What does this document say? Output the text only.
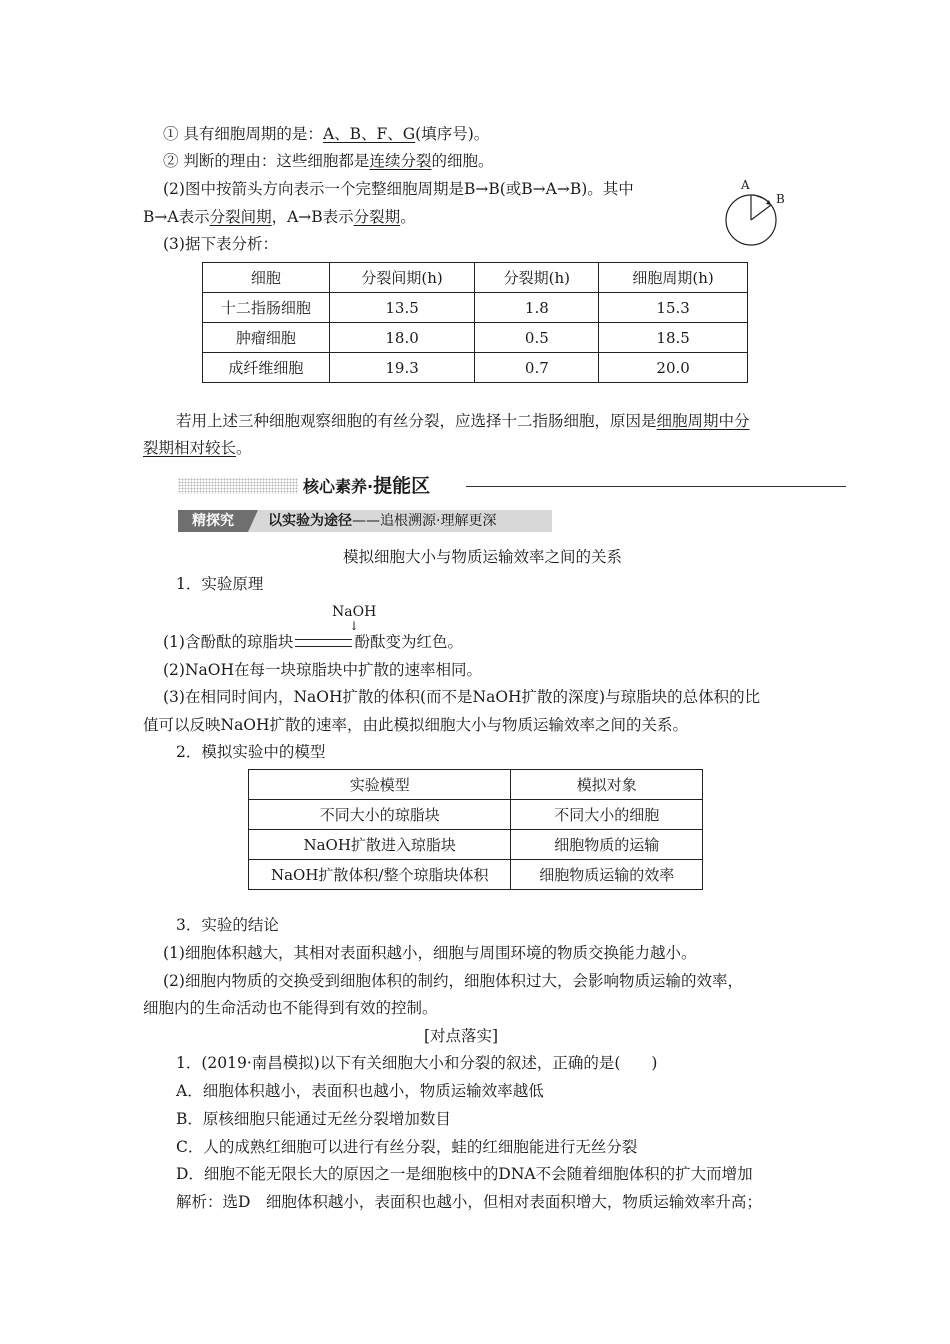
① 具有细胞周期的是：A、B、F、G(填序号)。
② 判断的理由：这些细胞都是连续分裂的细胞。
(2)图中按箭头方向表示一个完整细胞周期是B→B(或B→A→B)。其中
B→A表示分裂间期，A→B表示分裂期。
(3)据下表分析：
A
B
细胞	分裂间期(h)	分裂期(h)	细胞周期(h)
十二指肠细胞	13.5	1.8	15.3
肿瘤细胞	18.0	0.5	18.5
成纤维细胞	19.3	0.7	20.0
若用上述三种细胞观察细胞的有丝分裂，应选择十二指肠细胞，原因是细胞周期中分
裂期相对较长。
核心素养·提能区
精探究	以实验为途径——追根溯源·理解更深
模拟细胞大小与物质运输效率之间的关系
1．实验原理
NaOH
↓
(1)含酚酞的琼脂块	酚酞变为红色。
(2)NaOH在每一块琼脂块中扩散的速率相同。
(3)在相同时间内，NaOH扩散的体积(而不是NaOH扩散的深度)与琼脂块的总体积的比
值可以反映NaOH扩散的速率，由此模拟细胞大小与物质运输效率之间的关系。
2．模拟实验中的模型
实验模型	模拟对象
不同大小的琼脂块	不同大小的细胞
NaOH扩散进入琼脂块	细胞物质的运输
NaOH扩散体积/整个琼脂块体积	细胞物质运输的效率
3．实验的结论
(1)细胞体积越大，其相对表面积越小，细胞与周围环境的物质交换能力越小。
(2)细胞内物质的交换受到细胞体积的制约，细胞体积过大，会影响物质运输的效率，
细胞内的生命活动也不能得到有效的控制。
[对点落实]
1．(2019·南昌模拟)以下有关细胞大小和分裂的叙述，正确的是(　　)
A．细胞体积越小，表面积也越小，物质运输效率越低
B．原核细胞只能通过无丝分裂增加数目
C．人的成熟红细胞可以进行有丝分裂，蛙的红细胞能进行无丝分裂
D．细胞不能无限长大的原因之一是细胞核中的DNA不会随着细胞体积的扩大而增加
解析：选D　细胞体积越小，表面积也越小，但相对表面积增大，物质运输效率升高；
